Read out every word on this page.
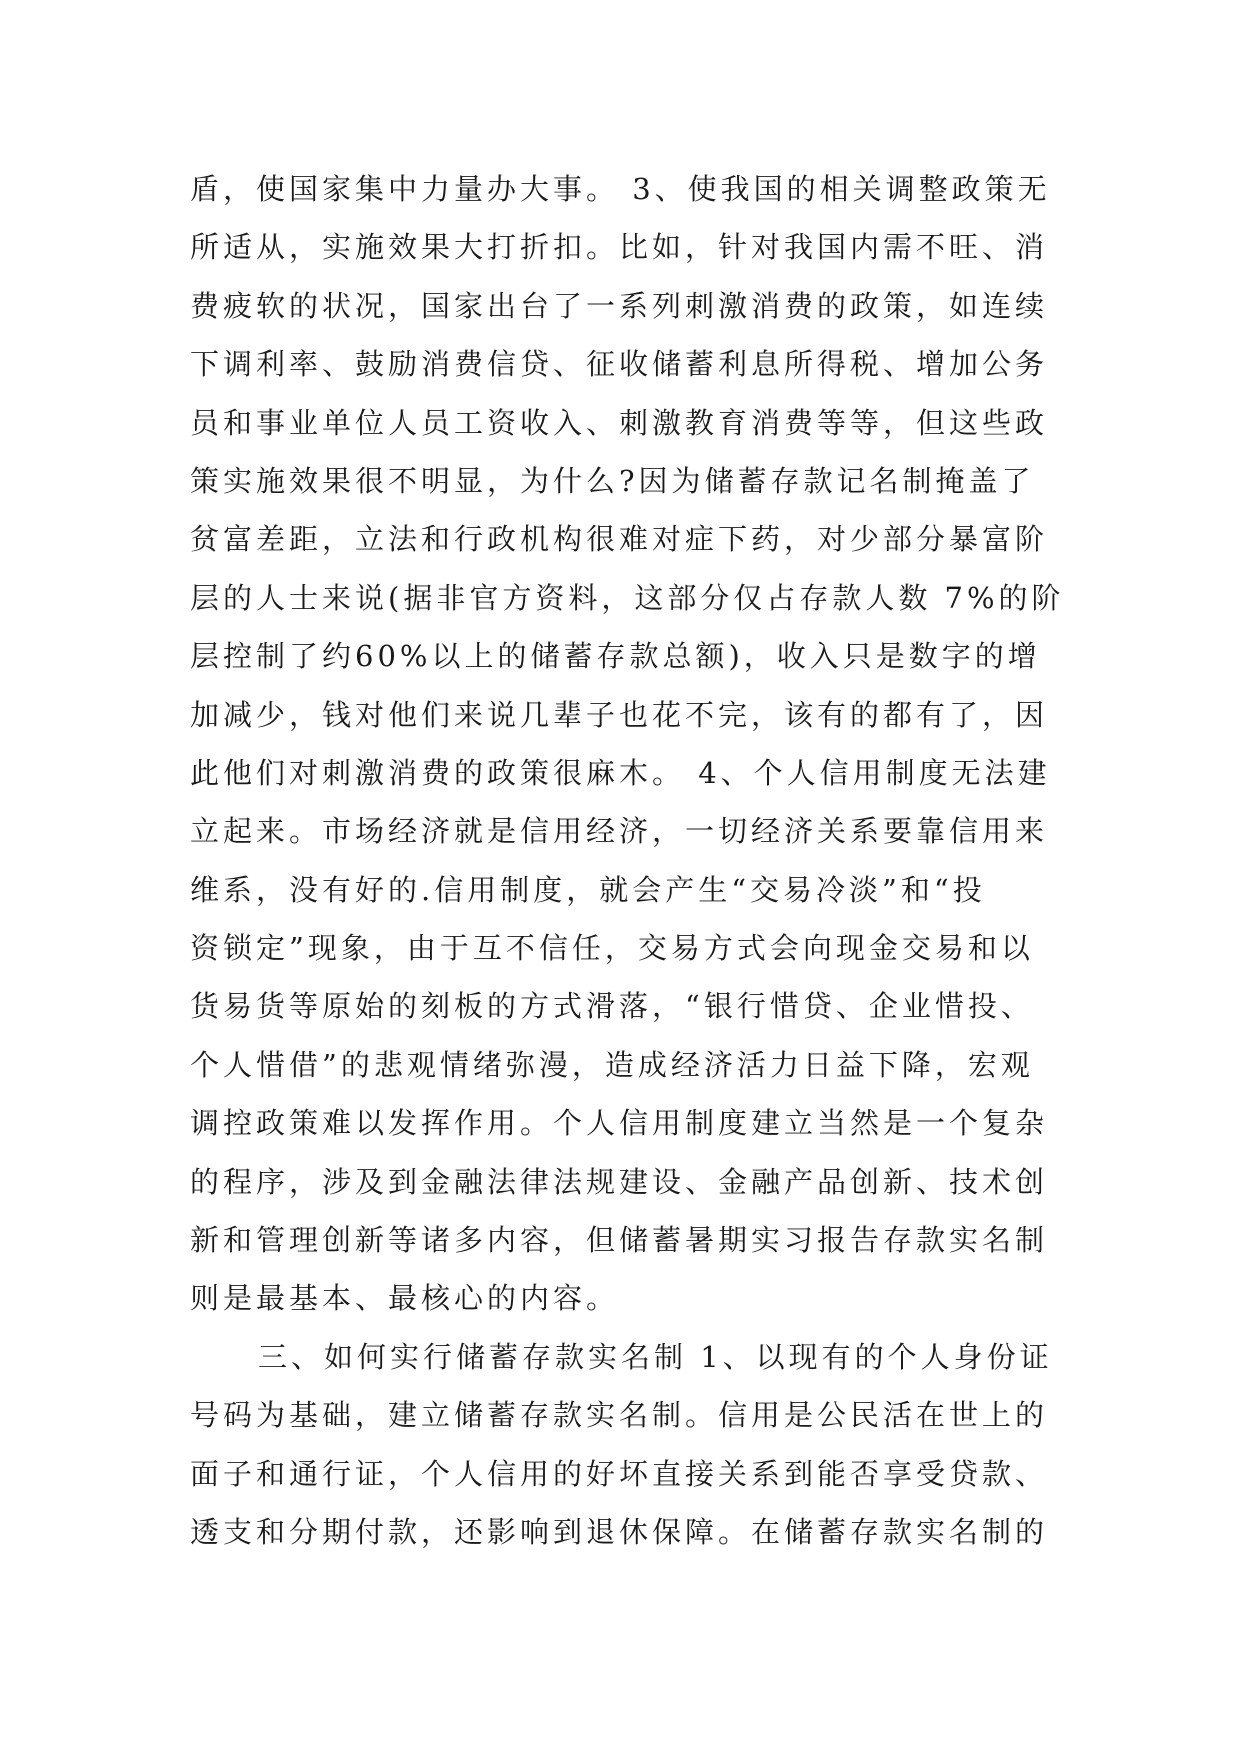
盾，使国家集中力量办大事。 3、使我国的相关调整政策无
所适从，实施效果大打折扣。比如，针对我国内需不旺、消
费疲软的状况，国家出台了一系列刺激消费的政策，如连续
下调利率、鼓励消费信贷、征收储蓄利息所得税、增加公务
员和事业单位人员工资收入、刺激教育消费等等，但这些政
策实施效果很不明显，为什么?因为储蓄存款记名制掩盖了
贫富差距，立法和行政机构很难对症下药，对少部分暴富阶
层的人士来说(据非官方资料，这部分仅占存款人数 7%的阶
层控制了约60%以上的储蓄存款总额)，收入只是数字的增
加减少，钱对他们来说几辈子也花不完，该有的都有了，因
此他们对刺激消费的政策很麻木。 4、个人信用制度无法建
立起来。市场经济就是信用经济，一切经济关系要靠信用来
维系，没有好的.信用制度，就会产生“交易冷淡”和“投
资锁定”现象，由于互不信任，交易方式会向现金交易和以
货易货等原始的刻板的方式滑落，“银行惜贷、企业惜投、
个人惜借”的悲观情绪弥漫，造成经济活力日益下降，宏观
调控政策难以发挥作用。个人信用制度建立当然是一个复杂
的程序，涉及到金融法律法规建设、金融产品创新、技术创
新和管理创新等诸多内容，但储蓄暑期实习报告存款实名制
则是最基本、最核心的内容。
三、如何实行储蓄存款实名制 1、以现有的个人身份证
号码为基础，建立储蓄存款实名制。信用是公民活在世上的
面子和通行证，个人信用的好坏直接关系到能否享受贷款、
透支和分期付款，还影响到退休保障。在储蓄存款实名制的
